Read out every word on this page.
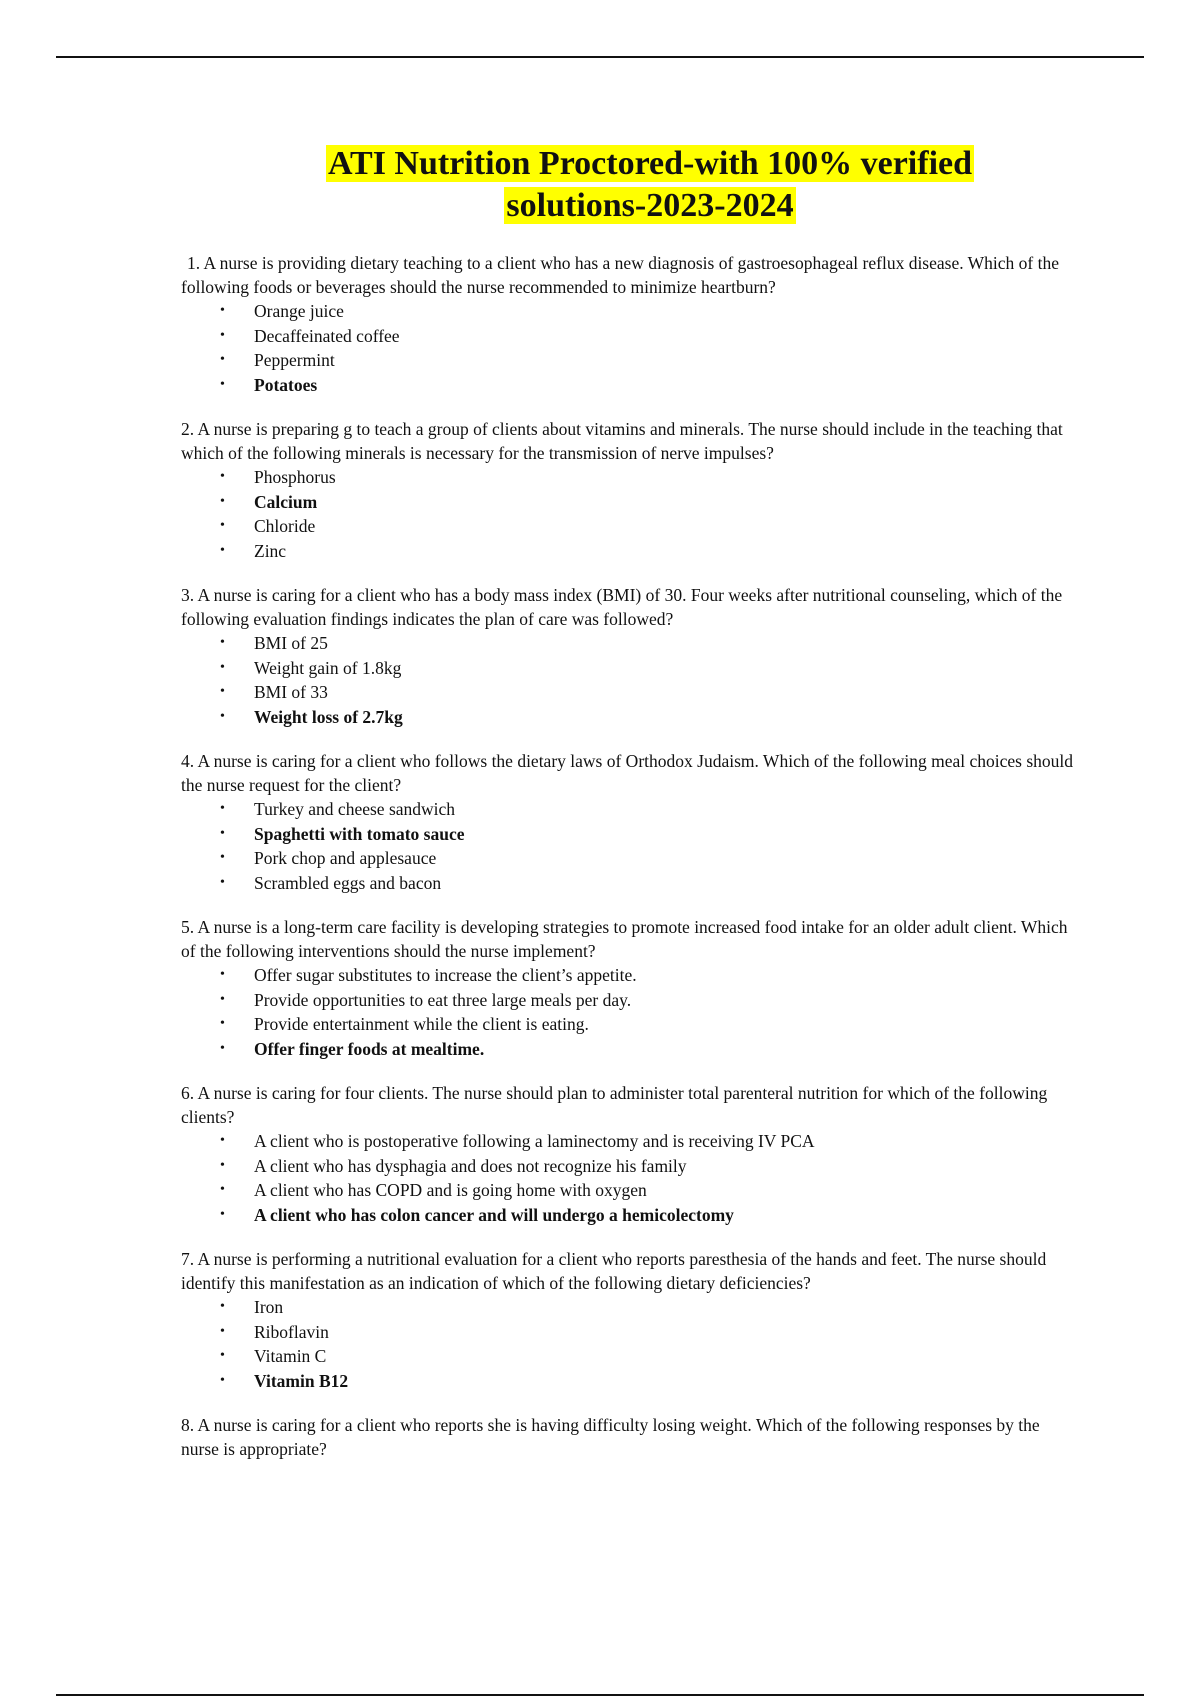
ATI Nutrition Proctored-with 100% verified
solutions-2023-2024

1. A nurse is providing dietary teaching to a client who has a new diagnosis of gastroesophageal reflux disease. Which of the following foods or beverages should the nurse recommended to minimize heartburn?

• Orange juice
• Decaffeinated coffee
• Peppermint
• Potatoes

2. A nurse is preparing g to teach a group of clients about vitamins and minerals. The nurse should include in the teaching that which of the following minerals is necessary for the transmission of nerve impulses?

• Phosphorus
• Calcium
• Chloride
• Zinc

3. A nurse is caring for a client who has a body mass index (BMI) of 30. Four weeks after nutritional counseling, which of the following evaluation findings indicates the plan of care was followed?

• BMI of 25
• Weight gain of 1.8kg
• BMI of 33
• Weight loss of 2.7kg

4. A nurse is caring for a client who follows the dietary laws of Orthodox Judaism. Which of the following meal choices should the nurse request for the client?

• Turkey and cheese sandwich
• Spaghetti with tomato sauce
• Pork chop and applesauce
• Scrambled eggs and bacon

5. A nurse is a long-term care facility is developing strategies to promote increased food intake for an older adult client. Which of the following interventions should the nurse implement?

• Offer sugar substitutes to increase the client’s appetite.
• Provide opportunities to eat three large meals per day.
• Provide entertainment while the client is eating.
• Offer finger foods at mealtime.

6. A nurse is caring for four clients. The nurse should plan to administer total parenteral nutrition for which of the following clients?

• A client who is postoperative following a laminectomy and is receiving IV PCA
• A client who has dysphagia and does not recognize his family
• A client who has COPD and is going home with oxygen
• A client who has colon cancer and will undergo a hemicolectomy

7. A nurse is performing a nutritional evaluation for a client who reports paresthesia of the hands and feet. The nurse should identify this manifestation as an indication of which of the following dietary deficiencies?

• Iron
• Riboflavin
• Vitamin C
• Vitamin B12

8. A nurse is caring for a client who reports she is having difficulty losing weight. Which of the following responses by the nurse is appropriate?
